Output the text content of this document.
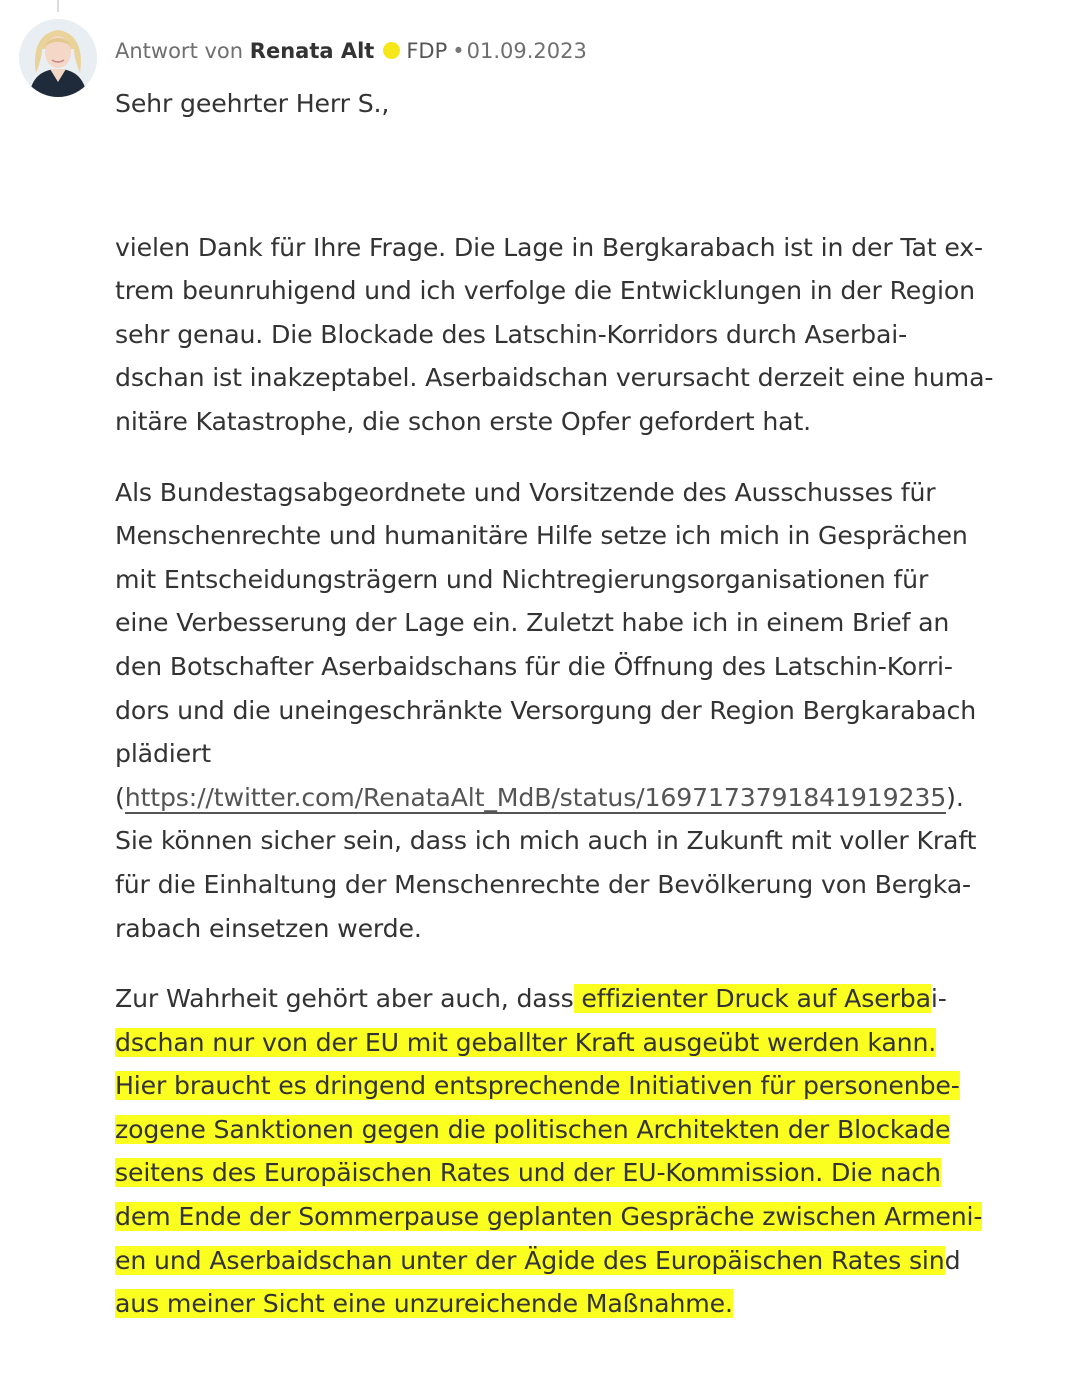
Antwort von Renata Alt FDP •01.09.2023
Sehr geehrter Herr S.,
vielen Dank für Ihre Frage. Die Lage in Bergkarabach ist in der Tat ex-
trem beunruhigend und ich verfolge die Entwicklungen in der Region
sehr genau. Die Blockade des Latschin-Korridors durch Aserbai-
dschan ist inakzeptabel. Aserbaidschan verursacht derzeit eine huma-
nitäre Katastrophe, die schon erste Opfer gefordert hat.
Als Bundestagsabgeordnete und Vorsitzende des Ausschusses für
Menschenrechte und humanitäre Hilfe setze ich mich in Gesprächen
mit Entscheidungsträgern und Nichtregierungsorganisationen für
eine Verbesserung der Lage ein. Zuletzt habe ich in einem Brief an
den Botschafter Aserbaidschans für die Öffnung des Latschin-Korri-
dors und die uneingeschränkte Versorgung der Region Bergkarabach
plädiert
(https://twitter.com/RenataAlt_MdB/status/1697173791841919235).
Sie können sicher sein, dass ich mich auch in Zukunft mit voller Kraft
für die Einhaltung der Menschenrechte der Bevölkerung von Bergka-
rabach einsetzen werde.
Zur Wahrheit gehört aber auch, dass effizienter Druck auf Aserbai-
dschan nur von der EU mit geballter Kraft ausgeübt werden kann.
Hier braucht es dringend entsprechende Initiativen für personenbe-
zogene Sanktionen gegen die politischen Architekten der Blockade
seitens des Europäischen Rates und der EU-Kommission. Die nach
dem Ende der Sommerpause geplanten Gespräche zwischen Armeni-
en und Aserbaidschan unter der Ägide des Europäischen Rates sind
aus meiner Sicht eine unzureichende Maßnahme.
